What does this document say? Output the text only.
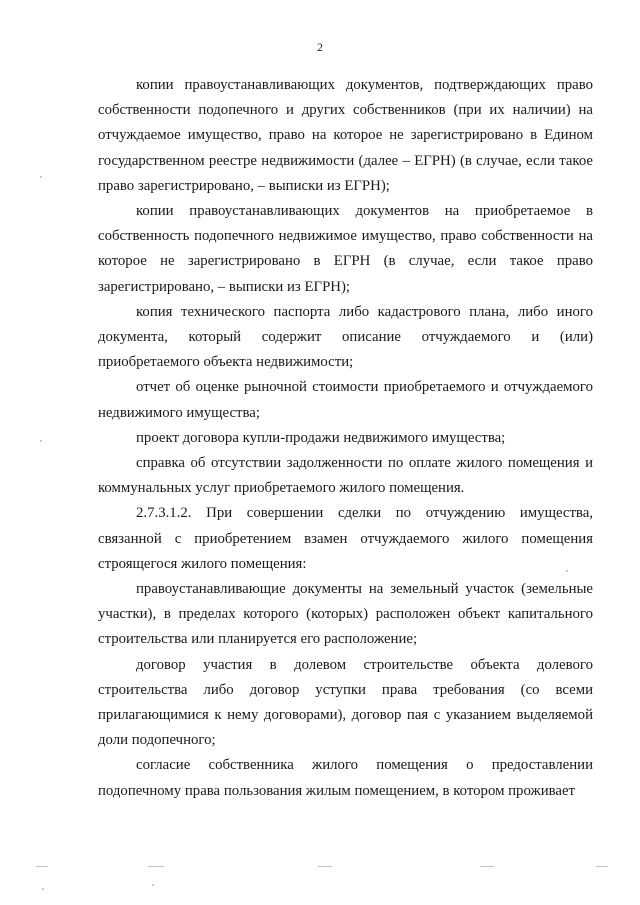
2

копии правоустанавливающих документов, подтверждающих право собственности подопечного и других собственников (при их наличии) на отчуждаемое имущество, право на которое не зарегистрировано в Едином государственном реестре недвижимости (далее – ЕГРН) (в случае, если такое право зарегистрировано, – выписки из ЕГРН);

копии правоустанавливающих документов на приобретаемое в собственность подопечного недвижимое имущество, право собственности на которое не зарегистрировано в ЕГРН (в случае, если такое право зарегистрировано, – выписки из ЕГРН);

копия технического паспорта либо кадастрового плана, либо иного документа, который содержит описание отчуждаемого и (или) приобретаемого объекта недвижимости;

отчет об оценке рыночной стоимости приобретаемого и отчуждаемого недвижимого имущества;

проект договора купли-продажи недвижимого имущества;

справка об отсутствии задолженности по оплате жилого помещения и коммунальных услуг приобретаемого жилого помещения.

2.7.3.1.2. При совершении сделки по отчуждению имущества, связанной с приобретением взамен отчуждаемого жилого помещения строящегося жилого помещения:

правоустанавливающие документы на земельный участок (земельные участки), в пределах которого (которых) расположен объект капитального строительства или планируется его расположение;

договор участия в долевом строительстве объекта долевого строительства либо договор уступки права требования (со всеми прилагающимися к нему договорами), договор пая с указанием выделяемой доли подопечного;

согласие собственника жилого помещения о предоставлении подопечному права пользования жилым помещением, в котором проживает
